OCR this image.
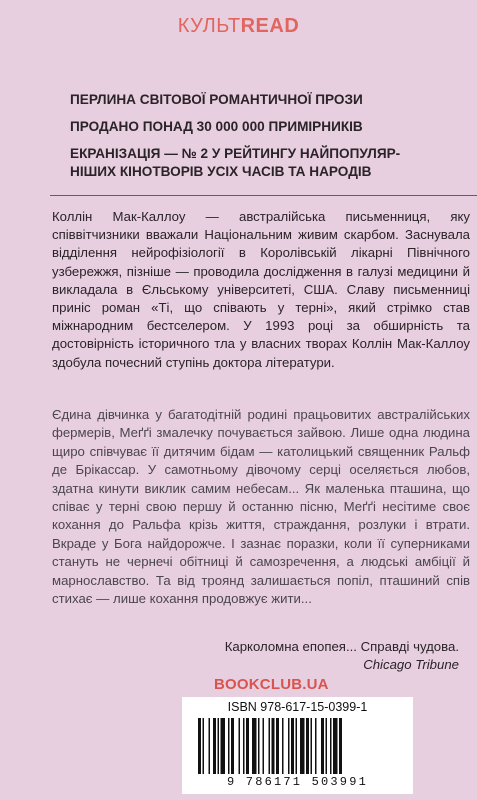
КУЛЬТREAD

ПЕРЛИНА СВІТОВОЇ РОМАНТИЧНОЇ ПРОЗИ

ПРОДАНО ПОНАД 30 000 000 ПРИМІРНИКІВ

ЕКРАНІЗАЦІЯ — № 2 У РЕЙТИНГУ НАЙПОПУЛЯР-
НІШИХ КІНОТВОРІВ УСІХ ЧАСІВ ТА НАРОДІВ

Коллін Мак-Каллоу — австралійська письменниця, яку співвітчизники вважали Національним живим скарбом. Заснувала відділення нейрофізіології в Королівській лікарні Північного узбережжя, пізніше — проводила дослідження в галузі медицини й викладала в Єльському університеті, США. Славу письменниці приніс роман «Ті, що співають у терні», який стрімко став міжнародним бестселером. У 1993 році за обширність та достовірність історичного тла у власних творах Коллін Мак-Каллоу здобула почесний ступінь доктора літератури.
Єдина дівчинка у багатодітній родині працьовитих австралійських фермерів, Меґґі змалечку почувається зайвою. Лише одна людина щиро співчуває її дитячим бідам — католицький священник Ральф де Брікассар. У самотньому дівочому серці оселяється любов, здатна кинути виклик самим небесам... Як маленька пташина, що співає у терні свою першу й останню пісню, Меґґі несітиме своє кохання до Ральфа крізь життя, страждання, розлуки і втрати. Вкраде у Бога найдорожче. І зазнає поразки, коли її суперниками стануть не чернечі обітниці й самозречення, а людські амбіції й марнославство. Та від троянд залишається попіл, пташиний спів стихає — лише кохання продовжує жити...
Карколомна епопея... Справді чудова.
Chicago Tribune
BOOKCLUB.UA
ISBN 978-617-15-0399-1
9 786171 503991
